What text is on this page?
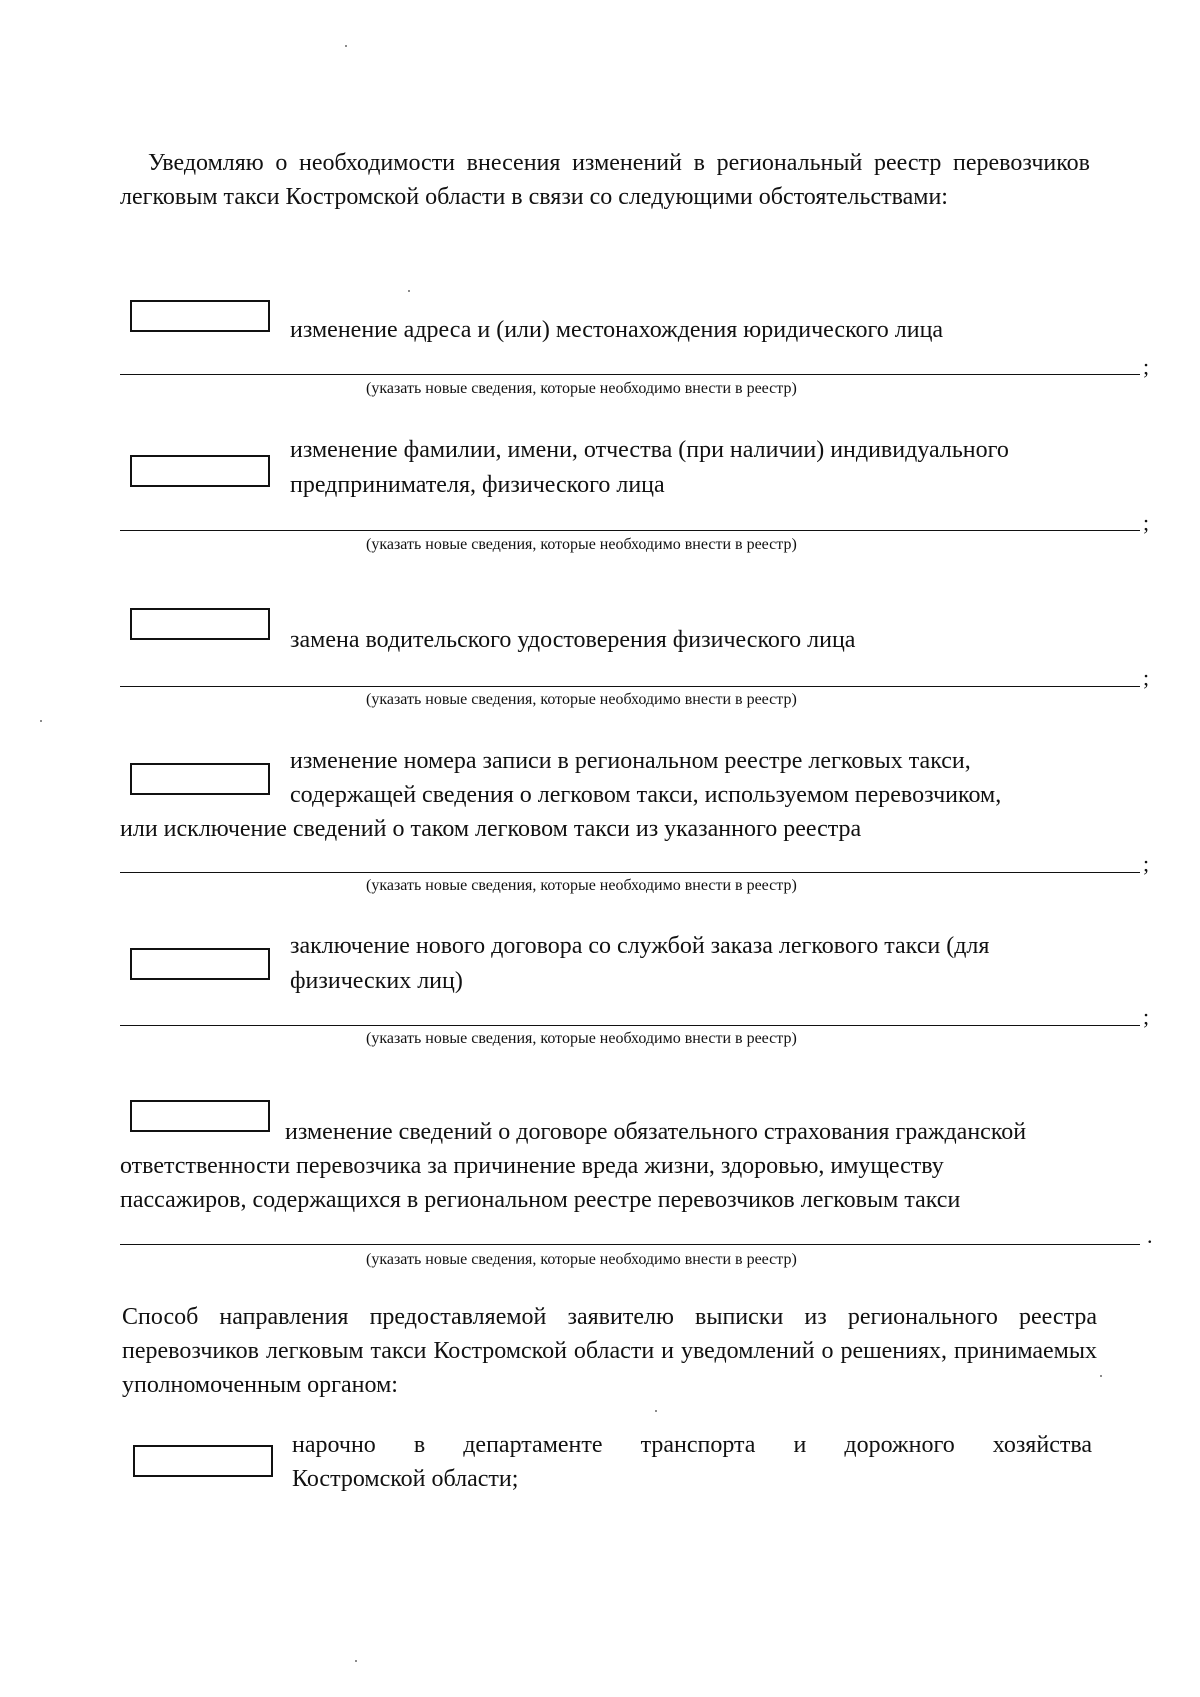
Уведомляю о необходимости внесения изменений в региональный реестр перевозчиков легковым такси Костромской области в связи со следующими обстоятельствами:
изменение адреса и (или) местонахождения юридического лица
;
(указать новые сведения, которые необходимо внести в реестр)
изменение фамилии, имени, отчества (при наличии) индивидуального
предпринимателя, физического лица
;
(указать новые сведения, которые необходимо внести в реестр)
замена водительского удостоверения физического лица
;
(указать новые сведения, которые необходимо внести в реестр)
изменение номера записи в региональном реестре легковых такси,
содержащей сведения о легковом такси, используемом перевозчиком,
или исключение сведений о таком легковом такси из указанного реестра
;
(указать новые сведения, которые необходимо внести в реестр)
заключение нового договора со службой заказа легкового такси (для
физических лиц)
;
(указать новые сведения, которые необходимо внести в реестр)
изменение сведений о договоре обязательного страхования гражданской
ответственности перевозчика за причинение вреда жизни, здоровью, имуществу
пассажиров, содержащихся в региональном реестре перевозчиков легковым такси
.
(указать новые сведения, которые необходимо внести в реестр)
Способ направления предоставляемой заявителю выписки из регионального реестра перевозчиков легковым такси Костромской области и уведомлений о решениях, принимаемых уполномоченным органом:
нарочно в департаменте транспорта и дорожного хозяйства
Костромской области;
